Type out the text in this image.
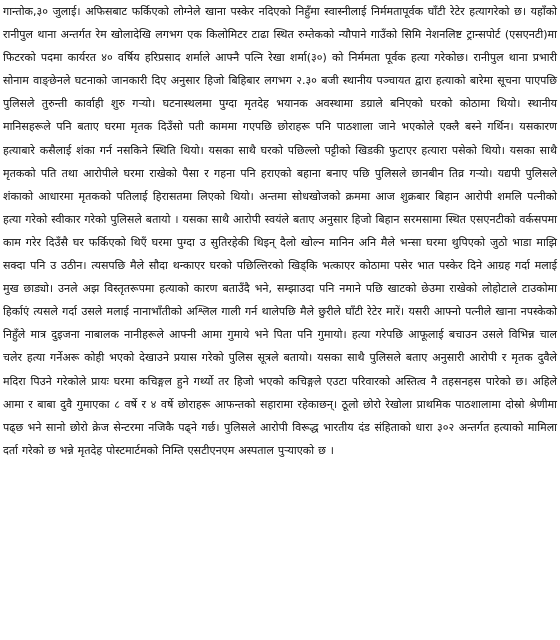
गान्तोक,३० जुलाई। अफिसबाट फर्किएको लोग्नेले खाना पस्केर नदिएको निहुँमा स्वास्नीलाई निर्ममतापूर्वक घाँटी रेटेर हत्यागरेको छ। यहाँको रानीपुल थाना अन्तर्गत रेम खोलादेखि लगभग एक किलोमिटर टाढा स्थित रुम्तेकको न्यौपाने गाउँको सिमि नेशनलिष्ट ट्रान्सपोर्ट (एसएनटी)मा फिटरको पदमा कार्यरत ४० वर्षिय हरिप्रसाद शर्माले आफ्नै पत्नि रेखा शर्मा(३०) को निर्ममता पूर्वक हत्या गरेकोछ। रानीपुल थाना प्रभारी सोनाम वाङ्छेनले घटनाको जानकारी दिए अनुसार हिजो बिहिबार लगभग २.३० बजी स्थानीय पञ्चायत द्वारा हत्याको बारेमा सूचना पाएपछि पुलिसले तुरुन्ती कार्वाही शुरु गर्‍यो। घटनास्थलमा पुग्दा मृतदेह भयानक अवस्थामा डग्राले बनिएको घरको कोठामा थियो। स्थानीय मानिसहरूले पनि बताए घरमा मृतक दिउँसो पती काममा गएपछि छोराहरू पनि पाठशाला जाने भएकोले एक्लै बस्ने गर्थिन। यसकारण हत्याबारे कसैलाई शंका गर्न नसकिने स्थिति थियो। यसका साथै घरको पछिल्लो पट्टीको खिडकी फुटाएर हत्यारा पसेको थियो। यसका साथै मृतकको पति तथा आरोपीले घरमा राखेको पैसा र गहना पनि हराएको बहाना बनाए पछि पुलिसले छानबीन तिव्र गर्‍यो। यद्यपी पुलिसले शंकाको आधारमा मृतकको पतिलाई हिरासतमा लिएको थियो। अन्तमा सोधखोजको क्रममा आज शुक्रबार बिहान आरोपी शमलि पत्नीको हत्या गरेको स्वीकार गरेको पुलिसले बतायो । यसका साथै आरोपी स्वयंले बताए अनुसार हिजो बिहान सरमसामा स्थित एसएनटीको वर्कसपमा काम गरेर दिउँसै घर फर्किएको थिएँ घरमा पुग्दा उ सुतिरहेकी थिइन् दैलो खोल्न मानिन अनि मैले भन्सा घरमा थुपिएको जुठो भाडा माझि सक्दा पनि उ उठीन। त्यसपछि मैले सौदा थन्काएर घरको पछिल्तिरको खिड्कि भत्काएर कोठामा पसेर भात पस्केर दिने आग्रह गर्दा मलाई मुख छाड्यो। उनले अझ विस्तृतरूपमा हत्याको कारण बताउँदै भने, सम्झाउदा पनि नमाने पछि खाटको छेउमा राखेको लोहोटाले टाउकोमा हिर्काएं त्यसले गर्दा उसले मलाई नानाभाँतीको अश्लिल गाली गर्न थालेपछि मैले छुरीले घाँटी रेटेर मारें। यसरी आफ्नो पत्नीले खाना नपस्केको निहुँले मात्र दुइजना नाबालक नानीहरूले आफ्नी आमा गुमाये भने पिता पनि गुमायो। हत्या गरेपछि आफूलाई बचाउन उसले विभिन्न चाल चलेर हत्या गर्नेअरू कोही भएको देखाउने प्रयास गरेको पुलिस सूत्रले बतायो। यसका साथै पुलिसले बताए अनुसारी आरोपी र मृतक दुवैले मदिरा पिउने गरेकोले प्रायः घरमा कचिङ्गल हुने गर्थ्यो तर हिजो भएको कचिङ्गले एउटा परिवारको अस्तित्व नै तहसनहस पारेको छ। अहिले आमा र बाबा दुवै गुमाएका ८ वर्षे र ४ वर्षे छोराहरू आफन्तको सहारामा रहेकाछन्। ठूलो छोरो रेखोला प्राथमिक पाठशालामा दोस्रो श्रेणीमा पढ्छ भने सानो छोरो क्रेज सेन्टरमा नजिकै पढ्ने गर्छ। पुलिसले आरोपी विरूद्ध भारतीय दंड संहिताको धारा ३०२ अन्तर्गत हत्याको मामिला दर्ता गरेको छ भन्ने मृतदेह पोस्टमार्टमको निम्ति एसटीएनएम अस्पताल पुऱ्याएको छ ।
